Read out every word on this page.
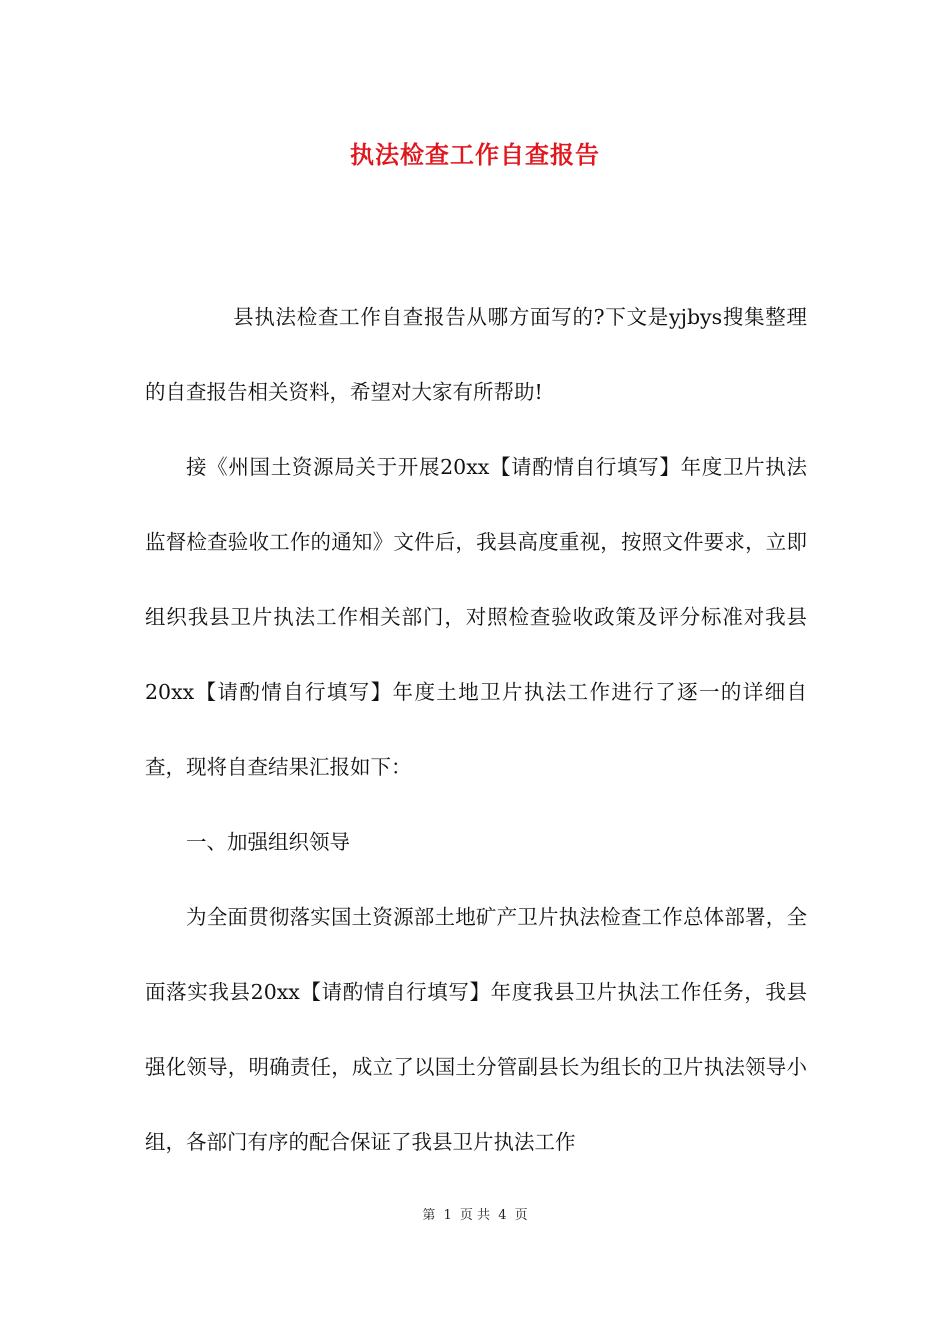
执法检查工作自查报告

县执法检查工作自查报告从哪方面写的?下文是yjbys搜集整理的自查报告相关资料，希望对大家有所帮助!

接《州国土资源局关于开展20xx【请酌情自行填写】年度卫片执法监督检查验收工作的通知》文件后，我县高度重视，按照文件要求，立即组织我县卫片执法工作相关部门，对照检查验收政策及评分标准对我县20xx【请酌情自行填写】年度土地卫片执法工作进行了逐一的详细自查，现将自查结果汇报如下：

一、加强组织领导

为全面贯彻落实国土资源部土地矿产卫片执法检查工作总体部署，全面落实我县20xx【请酌情自行填写】年度我县卫片执法工作任务，我县强化领导，明确责任，成立了以国土分管副县长为组长的卫片执法领导小组，各部门有序的配合保证了我县卫片执法工作

第 1 页 共 4 页
